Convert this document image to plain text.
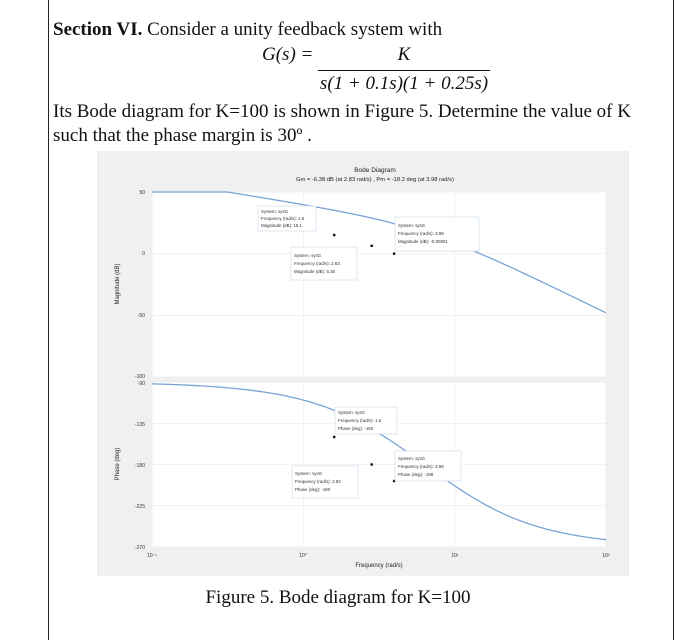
Section VI. Consider a unity feedback system with
G(s) =	K
s(1 + 0.1s)(1 + 0.25s)
Its Bode diagram for K=100 is shown in Figure 5. Determine the value of K
such that the phase margin is 30º .
Bode Diagram
Gm = -6.38 dB (at 2.83 rad/s) , Pm = -18.2 deg (at 3.98 rad/s)
Magnitude (dB)
Phase (deg)
50
0
-50
-100
-90
-135
-180
-225
-270
10⁻¹	10⁰	10¹	10²
Frequency (rad/s)
System: sysG
Frequency (rad/s): 1.6
Magnitude (dB): 15.1
System: sysG
Frequency (rad/s): 2.83
Magnitude (dB): 6.35
System: sysG
Frequency (rad/s): 3.98
Magnitude (dB): -0.00801
System: sysG
Frequency (rad/s): 1.6
Phase (deg): -150
System: sysG
Frequency (rad/s): 2.83
Phase (deg): -180
System: sysG
Frequency (rad/s): 3.98
Phase (deg): -198
Figure 5. Bode diagram for K=100
